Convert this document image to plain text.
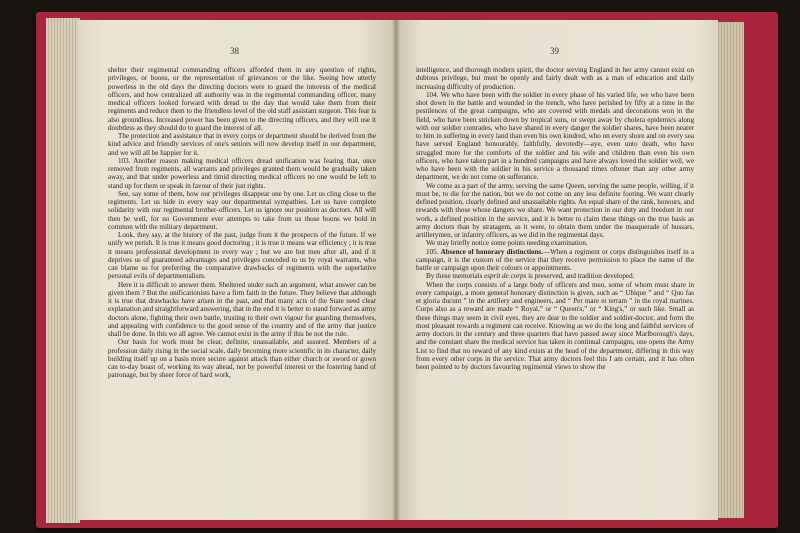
38

shelter their regimental commanding officers afforded them in any question of rights, privileges, or boons, or the representation of grievances or the like. Seeing how utterly powerless in the old days the directing doctors were to guard the interests of the medical officers, and how centralized all authority was in the regimental commanding officer, many medical officers looked forward with dread to the day that would take them from their regiments and reduce them to the friendless level of the old staff assistant surgeon. This fear is also groundless. Increased power has been given to the directing officers, and they will use it doubtless as they should do to guard the interest of all.

The protection and assistance that in every corps or department should be derived from the kind advice and friendly services of one's seniors will now develop itself in our department, and we will all be happier for it.

103. Another reason making medical officers dread unification was fearing that, once removed from regiments, all warrants and privileges granted them would be gradually taken away, and that under powerless and timid directing medical officers no one would be left to stand up for them or speak in favour of their just rights.

See, say some of them, how our privileges disappear one by one. Let us cling close to the regiments. Let us hide in every way our departmental sympathies. Let us have complete solidarity with our regimental brother-officers. Let us ignore our position as doctors. All will then be well, for no Government ever attempts to take from us those boons we hold in common with the military department.

Look, they say, at the history of the past, judge from it the prospects of the future. If we unify we perish. It is true it means good doctoring ; it is true it means war efficiency ; it is true it means professional development in every way ; but we are but men after all, and if it deprives us of guaranteed advantages and privileges conceded to us by royal warrants, who can blame us for preferring the comparative drawbacks of regiments with the superlative personal evils of departmentalism.

Here it is difficult to answer them. Sheltered under such an argument, what answer can be given them ? But the unificationists have a firm faith in the future. They believe that although it is true that drawbacks have arisen in the past, and that many acts of the State need clear explanation and straightforward answering, that in the end it is better to stand forward as army doctors alone, fighting their own battle, trusting to their own vigour for guarding themselves, and appealing with confidence to the good sense of the country and of the army that justice shall be done. In this we all agree. We cannot exist in the army if this be not the rule.

Our basis for work must be clear, definite, unassailable, and assured. Members of a profession daily rising in the social scale, daily becoming more scientific in its character, daily building itself up on a basis more secure against attack than either church or sword or gown can to-day boast of, working its way ahead, not by powerful interest or the fostering hand of patronage, but by sheer force of hard work,

39

intelligence, and thorough modern spirit, the doctor serving England in her army cannot exist on dubious privilege, but must be openly and fairly dealt with as a man of education and daily increasing difficulty of production.

104. We who have been with the soldier in every phase of his varied life, we who have been shot down in the battle and wounded in the trench, who have perished by fifty at a time in the pestilences of the great campaigns, who are covered with medals and decorations won in the field, who have been stricken down by tropical suns, or swept away by cholera epidemics along with our soldier comrades, who have shared in every danger the soldier shares, have been nearer to him in suffering in every land than even his own kindred, who on every shore and on every sea have served England honourably, faithfully, devotedly—aye, even unto death, who have struggled more for the comforts of the soldier and his wife and children than even his own officers, who have taken part in a hundred campaigns and have always loved the soldier well, we who have been with the soldier in his service a thousand times oftener than any other army department, we do not come on sufferance.

We come as a part of the army, serving the same Queen, serving the same people, willing, if it must be, to die for the nation, but we do not come on any less definite footing. We want clearly defined position, clearly defined and unassailable rights. An equal share of the rank, honours, and rewards with those whose dangers we share. We want protection in our duty and freedom in our work, a defined position in the service, and it is better to claim these things on the true basis as army doctors than by stratagem, as it were, to obtain them under the masquerade of hussars, artillerymen, or infantry officers, as we did in the regimental days.

We may briefly notice some points needing examination.

105. Absence of honorary distinctions.—When a regiment or corps distinguishes itself in a campaign, it is the custom of the service that they receive permission to place the name of the battle or campaign upon their colours or appointments.

By these memorials esprit de corps is preserved, and tradition developed.

When the corps consists of a large body of officers and men, some of whom must share in every campaign, a more general honorary distinction is given, such as “ Ubique ” and “ Quo fas et gloria ducunt ” in the artillery and engineers, and “ Per mare et terram ” in the royal marines. Corps also as a reward are made “ Royal,” or “ Queen's,” or “ King's,” or such like. Small as these things may seem in civil eyes, they are dear to the soldier and soldier-doctor, and form the most pleasant rewards a regiment can receive. Knowing as we do the long and faithful services of army doctors in the century and three quarters that have passed away since Marlborough's days, and the constant share the medical service has taken in continual campaigns, one opens the Army List to find that no reward of any kind exists at the head of the department, differing in this way from every other corps in the service. That army doctors feel this I am certain, and it has often been pointed to by doctors favouring regimental views to show the
